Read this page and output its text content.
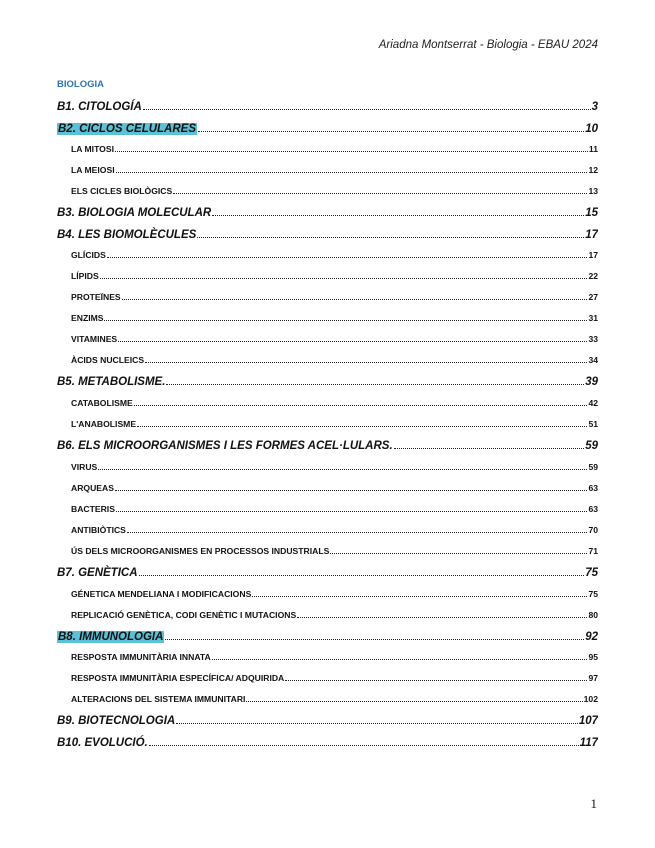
Ariadna Montserrat - Biologia - EBAU 2024
BIOLOGIA
B1. CITOLOGÍA	3
B2. CICLOS CELULARES	10
LA MITOSI	11
LA MEIOSI	12
ELS CICLES BIOLÒGICS	13
B3. BIOLOGIA MOLECULAR	15
B4. LES BIOMOLÈCULES	17
GLÍCIDS	17
LÍPIDS	22
PROTEÏNES	27
ENZIMS	31
VITAMINES	33
ÀCIDS NUCLEICS	34
B5. METABOLISME.	39
CATABOLISME	42
L'ANABOLISME	51
B6. ELS MICROORGANISMES I LES FORMES ACEL·LULARS.	59
VIRUS	59
ARQUEAS	63
BACTERIS	63
ANTIBIÒTICS	70
ÚS DELS MICROORGANISMES EN PROCESSOS INDUSTRIALS	71
B7. GENÈTICA	75
GÉNETICA MENDELIANA I MODIFICACIONS	75
REPLICACIÓ GENÈTICA, CODI GENÈTIC I MUTACIONS	80
B8. IMMUNOLOGIA	92
RESPOSTA IMMUNITÀRIA INNATA	95
RESPOSTA IMMUNITÀRIA ESPECÍFICA/ ADQUIRIDA	97
ALTERACIONS DEL SISTEMA IMMUNITARI	102
B9. BIOTECNOLOGIA	107
B10. EVOLUCIÓ.	117
1
